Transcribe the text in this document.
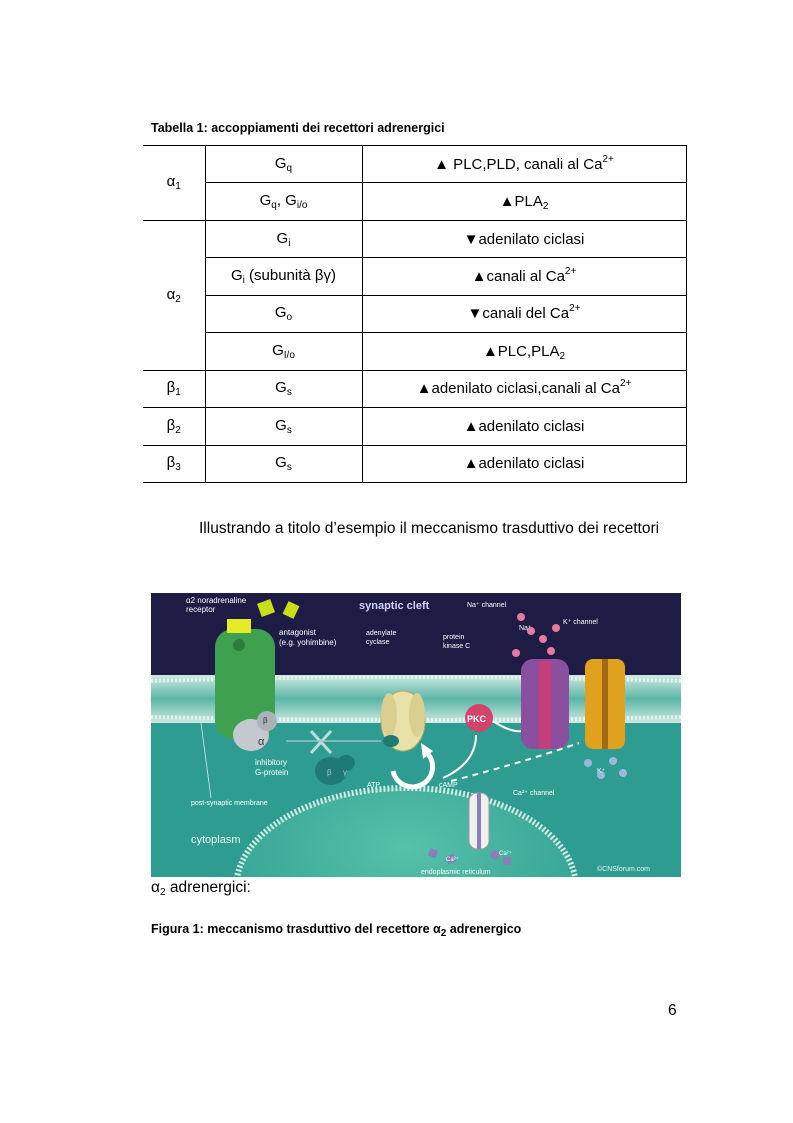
Tabella 1: accoppiamenti dei recettori adrenergici
$\alpha_1$	$G_q$	▲ PLC,PLD, canali al $Ca^{2+}$
	$G_q$, $G_{i/o}$	$▲PLA_2$
$\alpha_2$	$G_i$	▼adenilato ciclasi
	$G_i$ (subunità βγ)	▲canali al $Ca^{2+}$
	$G_o$	▼canali del $Ca^{2+}$
	$G_{I/o}$	$▲PLC,PLA_2$
$\beta_1$	$G_s$	▲adenilato ciclasi,canali al $Ca^{2+}$
$\beta_2$	$G_s$	▲adenilato ciclasi
$\beta_3$	$G_s$	▲adenilato ciclasi
Illustrando a titolo d’esempio il meccanismo trasduttivo dei recettori
α2 noradrenaline
receptor	synaptic cleft
antagonist
(e.g. yohimbine)
adenylate
cyclase
protein
kinase C
Na⁺ channel
Na⁺
K⁺ channel
PKC
inhibitory
G-protein
α
β
γ
β
ATP	cAMP
K⁺
Ca²⁺ channel
post-synaptic membrane
cytoplasm
Ca²⁺
Ca²⁺
endoplasmic reticulum	©CNSforum.com
$\alpha_2$ adrenergici:
Figura 1: meccanismo trasduttivo del recettore $\alpha_2$ adrenergico
6
